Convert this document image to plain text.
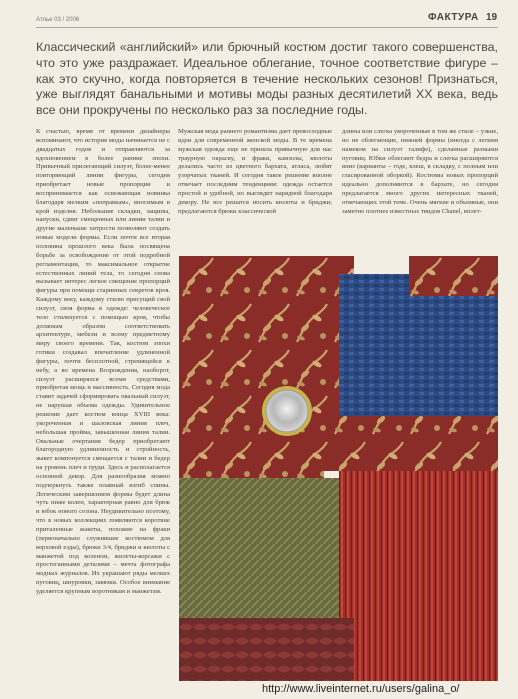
Атлье 03 / 2006	ФАКТУРА 19
Классический «английский» или брючный костюм достиг такого совершенства, что это уже раздражает. Идеальное облегание, точное соответствие фигуре – как это скучно, когда повторяется в течение нескольких сезонов! Признаться, уже выглядят банальными и мотивы моды разных десятилетий XX века, ведь все они прокручены по несколько раз за последние годы.
К счастью, время от времени дизайнеры вспоминают, что история моды начинается не с двадцатых годов и отправляются за вдохновением в более ранние эпохи. Привычный прилегающий силуэт, более-менее повторяющий линии фигуры, сегодня приобретает новые пропорции и воспринимается как освежающая новинка благодаря мелким «поправкам», вносимым в крой изделия. Небольшие складки, защипы, напуски, сдвиг смещенных или линии талии и другие маленькие хитрости позволяют создать новые модели формы. Если почти все вторая половина прошлого века была посвящена борьбе за освобождение от этой подробной регламентации, то максимальное открытие естественных линий тела, то сегодня снова вызывает интерес легкое смещение пропорций фигуры при помощи старинных секретов кроя. Каждому веку, каждому стилю присущий свой силуэт, своя форма в одежде: человеческое тело стилизуется с помощью кроя, чтобы должным образом соответствовать архитектуре, мебели и всему предметному миру своего времени. Так, костюм эпохи готики создавал впечатление удлиненной фигуры, почти бесплотной, стремящейся к небу, а во времена Возрождения, наоборот, силуэт расширялся всеми средствами, приобретая мощь и массивность. Сегодня мода ставит задачей сформировать овальный силуэт, не нарушая объема одежды. Удивительное решение дает костюм конца XVIII века: укороченная и шаловская линия плеч, небольшая пройма, завышенная линия талии. Овальные очертания бедер приобретают благородную удлиненность и стройность, жакет компонуется смещается с талии и бедер на уровень плеч и груди. Здесь и располагается основной декор. Для разнообразия можно подчеркнуть также плавный изгиб спины. Логическим завершением формы будет длина чуть ниже колен, характерная равно для брюк и юбок нового сезона. Неудивительно поэтому, что в новых коллекциях появляются короткие приталенные жакеты, похожие на фраки (первоначально служившие костюмом для верховой езды), брюки 3/4, бриджи и кюлоты с манжетой под коленом, жилеты-корсажи с простеганными деталями – мечта фотографа модных журналов. Их украшают ряды мелких пуговиц, шнуровки, завязки. Особое внимание уделяется крупным воротникам и манжетам.
Мужская мода раннего романтизма дает превосходные идеи для современной женской моды. В те времена мужская одежда еще не пришла привычную для нас траурную окраску, и фраки, камзолы, кюлоты делались часто из цветного бархата, атласа, любят узорчатых тканей. И сегодня такое решение вполне отвечает последним тенденциям: одежда остается простой и удобной, но выглядит нарядной благодаря декору. Не все решатся носить кюлоты и бриджи; предлагаются брюки классической
длины или слегка укороченные в том же стиле – узкие, но не облегающие, нижней формы (иногда с легким намеком на силуэт галифе), сделанные разными пуговиц. Юбки облегают бедра и слегка расширяются вниз (варианты – годе, клеш, в складку, с полным или гласированной оборкой). Костюмы новых пропорций идеально дополняются в бархате, но сегодня предлагается много других интересных тканей, отвечающих этой теме. Очень мягкие и объемные, они заметно плотнее известных твидов Chanel, вплет-
http://www.liveinternet.ru/users/galina_o/
